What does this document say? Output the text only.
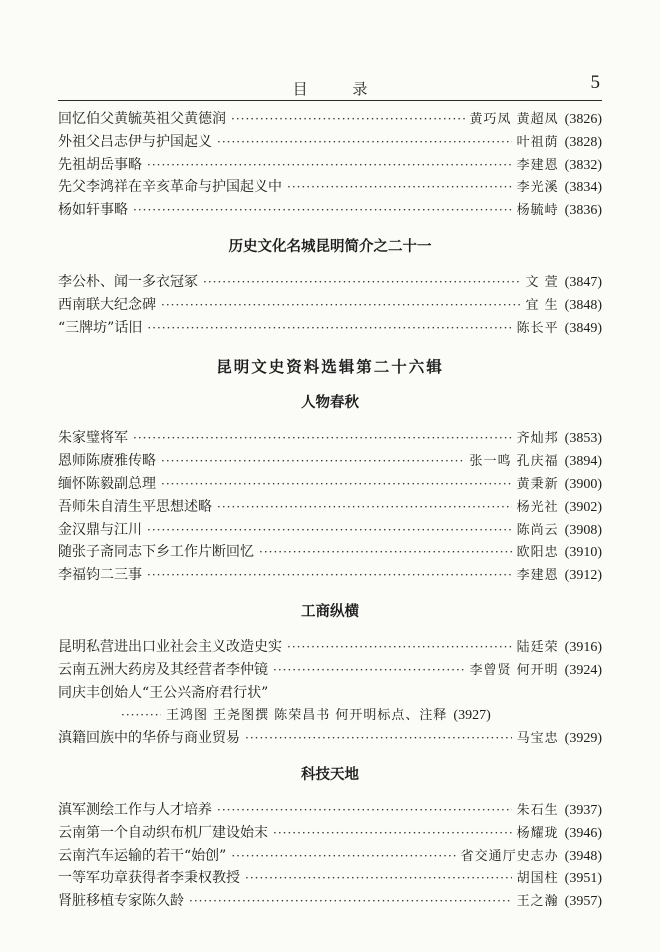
目 录	5
回忆伯父黄毓英祖父黄德润 ·····	黄巧凤 黄超凤 (3826)
外祖父吕志伊与护国起义 ·····	叶祖荫 (3828)
先祖胡岳事略 ·····	李建恩 (3832)
先父李鸿祥在辛亥革命与护国起义中 ·····	李光溪 (3834)
杨如轩事略 ·····	杨毓峙 (3836)
历史文化名城昆明简介之二十一
李公朴、闻一多衣冠冢 ·····	文 萱 (3847)
西南联大纪念碑 ·····	宜 生 (3848)
“三牌坊”话旧 ·····	陈长平 (3849)
昆明文史资料选辑第二十六辑
人物春秋
朱家璧将军 ·····	齐灿邦 (3853)
恩师陈赓雅传略 ·····	张一鸣 孔庆福 (3894)
缅怀陈毅副总理 ·····	黄秉新 (3900)
吾师朱自清生平思想述略 ·····	杨光社 (3902)
金汉鼎与江川 ·····	陈尚云 (3908)
随张子斋同志下乡工作片断回忆 ·····	欧阳忠 (3910)
李福钧二三事 ·····	李建恩 (3912)
工商纵横
昆明私营进出口业社会主义改造史实 ·····	陆廷荣 (3916)
云南五洲大药房及其经营者李仲镜 ·····	李曾贤 何开明 (3924)
同庆丰创始人“王公兴斋府君行状”
·····
王鸿图 王尧图撰 陈荣昌书 何开明标点、注释 (3927)
滇籍回族中的华侨与商业贸易 ·····	马宝忠 (3929)
科技天地
滇军测绘工作与人才培养 ·····	朱石生 (3937)
云南第一个自动织布机厂建设始末 ·····	杨耀珑 (3946)
云南汽车运输的若干“始创” ·····	省交通厅史志办 (3948)
一等军功章获得者李秉权教授 ·····	胡国柱 (3951)
肾脏移植专家陈久龄 ·····	王之瀚 (3957)
